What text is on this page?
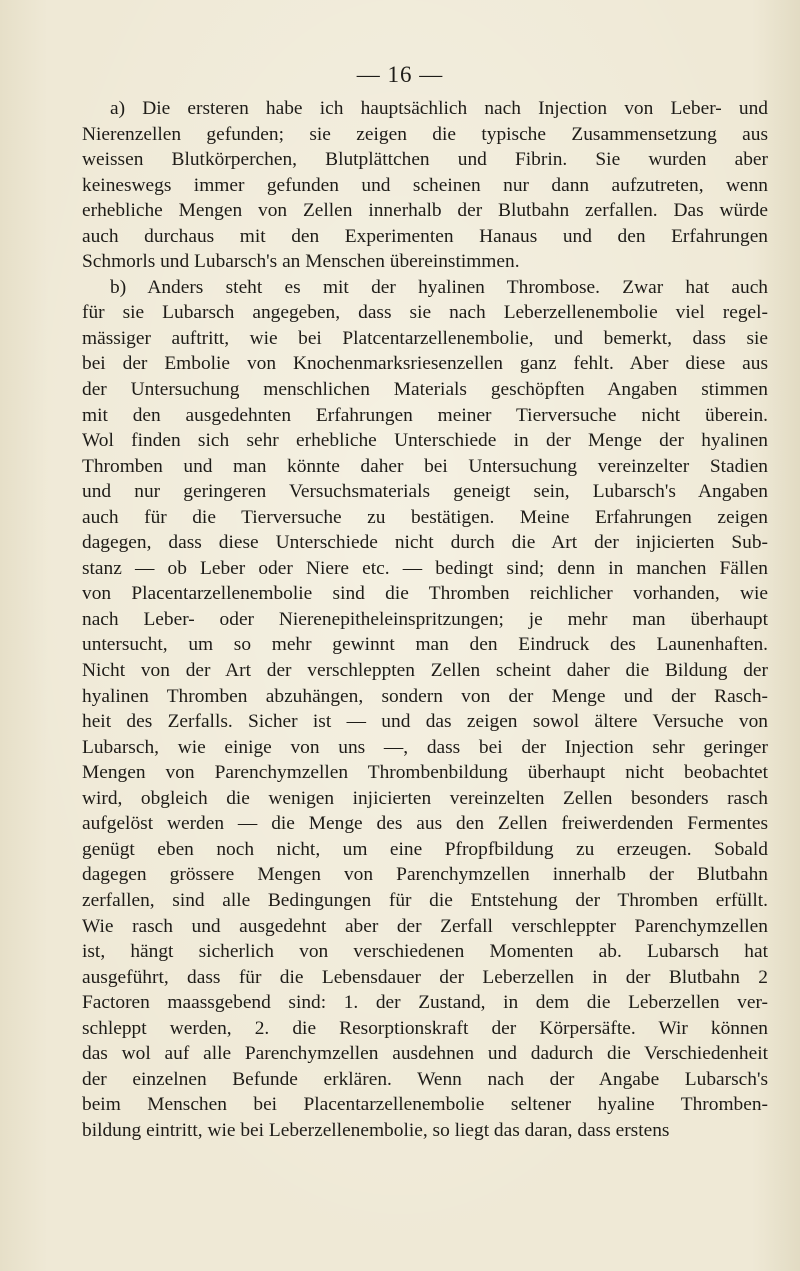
— 16 —
a) Die ersteren habe ich hauptsächlich nach Injection von Leber- und
Nierenzellen gefunden; sie zeigen die typische Zusammensetzung aus
weissen Blutkörperchen, Blutplättchen und Fibrin. Sie wurden aber
keineswegs immer gefunden und scheinen nur dann aufzutreten, wenn
erhebliche Mengen von Zellen innerhalb der Blutbahn zerfallen. Das würde
auch durchaus mit den Experimenten Hanaus und den Erfahrungen
Schmorls und Lubarsch's an Menschen übereinstimmen.
b) Anders steht es mit der hyalinen Thrombose. Zwar hat auch
für sie Lubarsch angegeben, dass sie nach Leberzellenembolie viel regel-
mässiger auftritt, wie bei Platcentarzellenembolie, und bemerkt, dass sie
bei der Embolie von Knochenmarksriesenzellen ganz fehlt. Aber diese aus
der Untersuchung menschlichen Materials geschöpften Angaben stimmen
mit den ausgedehnten Erfahrungen meiner Tierversuche nicht überein.
Wol finden sich sehr erhebliche Unterschiede in der Menge der hyalinen
Thromben und man könnte daher bei Untersuchung vereinzelter Stadien
und nur geringeren Versuchsmaterials geneigt sein, Lubarsch's Angaben
auch für die Tierversuche zu bestätigen. Meine Erfahrungen zeigen
dagegen, dass diese Unterschiede nicht durch die Art der injicierten Sub-
stanz — ob Leber oder Niere etc. — bedingt sind; denn in manchen Fällen
von Placentarzellenembolie sind die Thromben reichlicher vorhanden, wie
nach Leber- oder Nierenepitheleinspritzungen; je mehr man überhaupt
untersucht, um so mehr gewinnt man den Eindruck des Launenhaften.
Nicht von der Art der verschleppten Zellen scheint daher die Bildung der
hyalinen Thromben abzuhängen, sondern von der Menge und der Rasch-
heit des Zerfalls. Sicher ist — und das zeigen sowol ältere Versuche von
Lubarsch, wie einige von uns —, dass bei der Injection sehr geringer
Mengen von Parenchymzellen Thrombenbildung überhaupt nicht beobachtet
wird, obgleich die wenigen injicierten vereinzelten Zellen besonders rasch
aufgelöst werden — die Menge des aus den Zellen freiwerdenden Fermentes
genügt eben noch nicht, um eine Pfropfbildung zu erzeugen. Sobald
dagegen grössere Mengen von Parenchymzellen innerhalb der Blutbahn
zerfallen, sind alle Bedingungen für die Entstehung der Thromben erfüllt.
Wie rasch und ausgedehnt aber der Zerfall verschleppter Parenchymzellen
ist, hängt sicherlich von verschiedenen Momenten ab. Lubarsch hat
ausgeführt, dass für die Lebensdauer der Leberzellen in der Blutbahn 2
Factoren maassgebend sind: 1. der Zustand, in dem die Leberzellen ver-
schleppt werden, 2. die Resorptionskraft der Körpersäfte. Wir können
das wol auf alle Parenchymzellen ausdehnen und dadurch die Verschiedenheit
der einzelnen Befunde erklären. Wenn nach der Angabe Lubarsch's
beim Menschen bei Placentarzellenembolie seltener hyaline Thromben-
bildung eintritt, wie bei Leberzellenembolie, so liegt das daran, dass erstens
